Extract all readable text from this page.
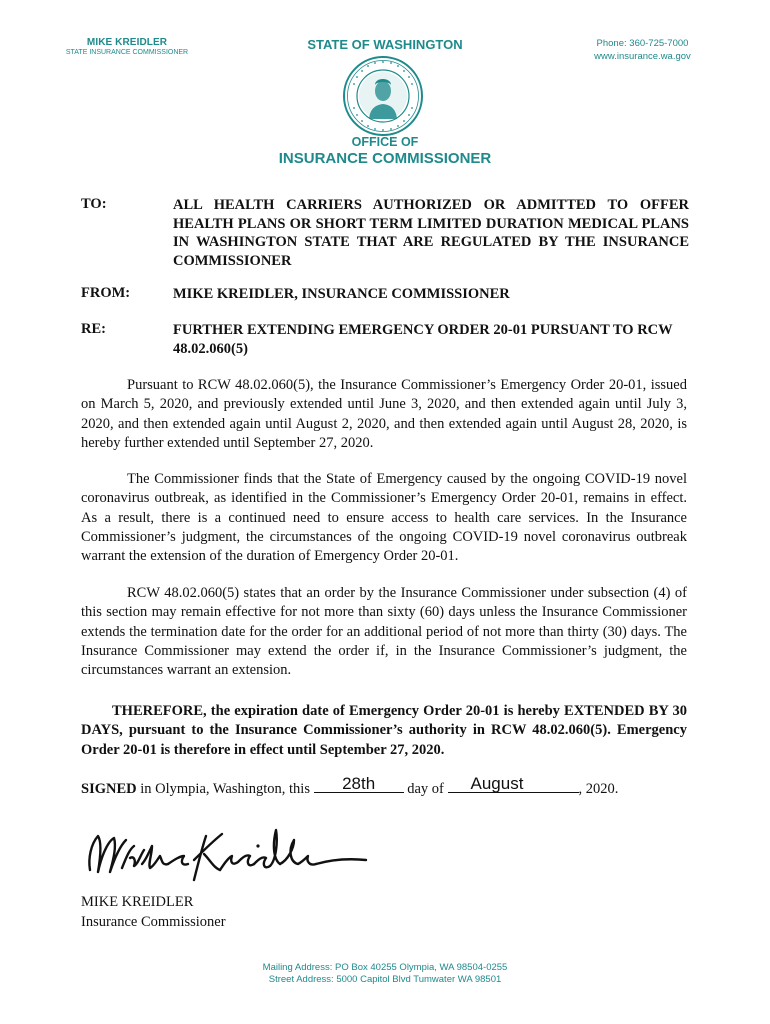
MIKE KREIDLER
STATE INSURANCE COMMISSIONER
STATE OF WASHINGTON	Phone: 360-725-7000
www.insurance.wa.gov
OFFICE OF
INSURANCE COMMISSIONER
TO:	ALL HEALTH CARRIERS AUTHORIZED OR ADMITTED TO OFFER HEALTH PLANS OR SHORT TERM LIMITED DURATION MEDICAL PLANS IN WASHINGTON STATE THAT ARE REGULATED BY THE INSURANCE COMMISSIONER
FROM:	MIKE KREIDLER, INSURANCE COMMISSIONER
RE:	FURTHER EXTENDING EMERGENCY ORDER 20-01 PURSUANT TO RCW 48.02.060(5)
Pursuant to RCW 48.02.060(5), the Insurance Commissioner’s Emergency Order 20-01, issued on March 5, 2020, and previously extended until June 3, 2020, and then extended again until July 3, 2020, and then extended again until August 2, 2020, and then extended again until August 28, 2020, is hereby further extended until September 27, 2020.
The Commissioner finds that the State of Emergency caused by the ongoing COVID-19 novel coronavirus outbreak, as identified in the Commissioner’s Emergency Order 20-01, remains in effect. As a result, there is a continued need to ensure access to health care services. In the Insurance Commissioner’s judgment, the circumstances of the ongoing COVID-19 novel coronavirus outbreak warrant the extension of the duration of Emergency Order 20-01.
RCW 48.02.060(5) states that an order by the Insurance Commissioner under subsection (4) of this section may remain effective for not more than sixty (60) days unless the Insurance Commissioner extends the termination date for the order for an additional period of not more than thirty (30) days. The Insurance Commissioner may extend the order if, in the Insurance Commissioner’s judgment, the circumstances warrant an extension.
THEREFORE, the expiration date of Emergency Order 20-01 is hereby EXTENDED BY 30 DAYS, pursuant to the Insurance Commissioner’s authority in RCW 48.02.060(5). Emergency Order 20-01 is therefore in effect until September 27, 2020.
SIGNED in Olympia, Washington, this	28th	day of	August	, 2020.
MIKE KREIDLER
Insurance Commissioner
Mailing Address: PO Box 40255 Olympia, WA 98504-0255
Street Address: 5000 Capitol Blvd Tumwater WA 98501
